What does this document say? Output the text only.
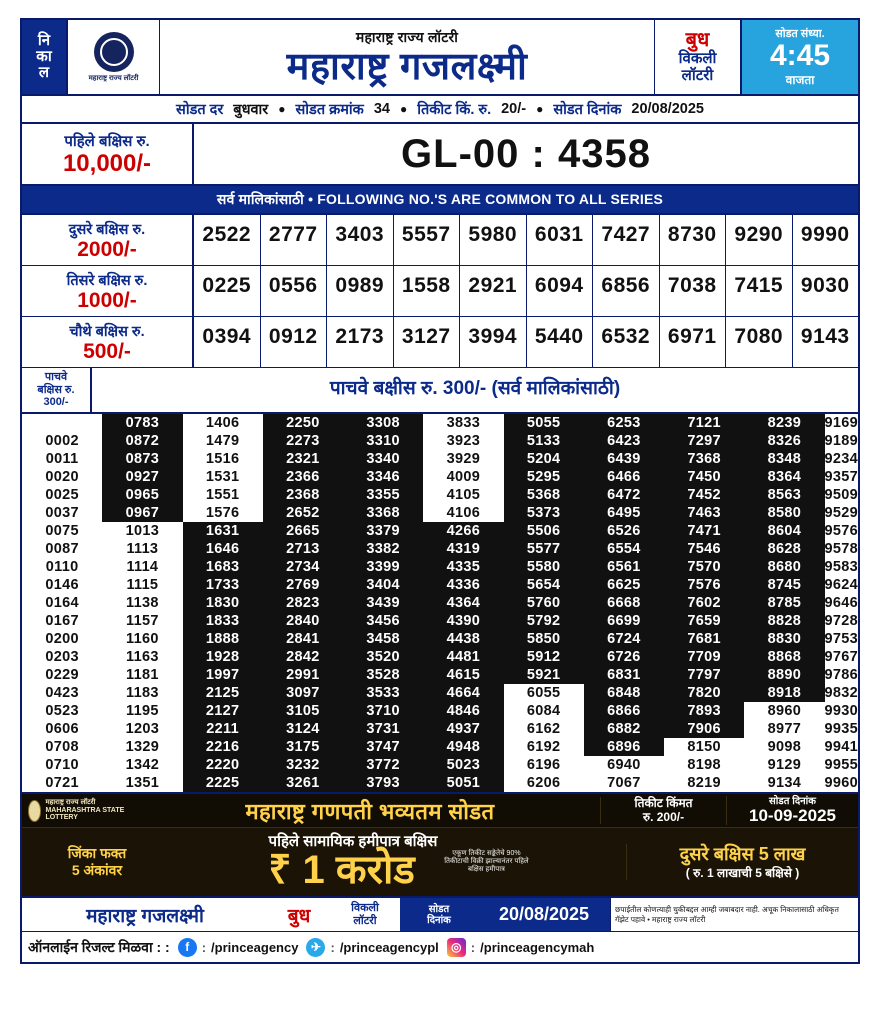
नि
का
ल	महाराष्ट्र राज्य लॉटरी
महाराष्ट्र राज्य लॉटरी
महाराष्ट्र गजलक्ष्मी
बुध
विकली
लॉटरी
सोडत संध्या.
4:45
वाजता
सोडत दर बुधवार ● सोडत क्रमांक 34 ● तिकीट किं. रु. 20/- ● सोडत दिनांक 20/08/2025
पहिले बक्षिस रु.
10,000/-	GL-00 : 4358
सर्व मालिकांसाठी • FOLLOWING NO.'S ARE COMMON TO ALL SERIES
दुसरे बक्षिस रु.
2000/-
2522 2777 3403 5557 5980 6031 7427 8730 9290 9990
तिसरे बक्षिस रु.
1000/-
0225 0556 0989 1558 2921 6094 6856 7038 7415 9030
चौथे बक्षिस रु.
500/-
0394 0912 2173 3127 3994 5440 6532 6971 7080 9143
पाचवे
बक्षिस रु.
300/-
पाचवे बक्षीस रु. 300/- (सर्व मालिकांसाठी)
	0783	1406	2250	3308	3833	5055	6253	7121	8239	9169
0002	0872	1479	2273	3310	3923	5133	6423	7297	8326	9189
0011	0873	1516	2321	3340	3929	5204	6439	7368	8348	9234
0020	0927	1531	2366	3346	4009	5295	6466	7450	8364	9357
0025	0965	1551	2368	3355	4105	5368	6472	7452	8563	9509
0037	0967	1576	2652	3368	4106	5373	6495	7463	8580	9529
0075	1013	1631	2665	3379	4266	5506	6526	7471	8604	9576
0087	1113	1646	2713	3382	4319	5577	6554	7546	8628	9578
0110	1114	1683	2734	3399	4335	5580	6561	7570	8680	9583
0146	1115	1733	2769	3404	4336	5654	6625	7576	8745	9624
0164	1138	1830	2823	3439	4364	5760	6668	7602	8785	9646
0167	1157	1833	2840	3456	4390	5792	6699	7659	8828	9728
0200	1160	1888	2841	3458	4438	5850	6724	7681	8830	9753
0203	1163	1928	2842	3520	4481	5912	6726	7709	8868	9767
0229	1181	1997	2991	3528	4615	5921	6831	7797	8890	9786
0423	1183	2125	3097	3533	4664	6055	6848	7820	8918	9832
0523	1195	2127	3105	3710	4846	6084	6866	7893	8960	9930
0606	1203	2211	3124	3731	4937	6162	6882	7906	8977	9935
0708	1329	2216	3175	3747	4948	6192	6896	8150	9098	9941
0710	1342	2220	3232	3772	5023	6196	6940	8198	9129	9955
0721	1351	2225	3261	3793	5051	6206	7067	8219	9134	9960
महाराष्ट्र राज्य लॉटरी MAHARASHTRA STATE LOTTERY	महाराष्ट्र गणपती भव्यतम सोडत	तिकीट किंमत
रु. 200/-
सोडत दिनांक
10-09-2025
जिंका फक्त
5 अंकांवर
पहिले सामायिक हमीपात्र बक्षिस
₹ 1 करोड	एकूण तिकीट सङ्केतेचे 90% तिकीटाची विक्री झाल्यानंतर पहिले बक्षिस हमीपात्र
दुसरे बक्षिस 5 लाख
( रु. 1 लाखाची 5 बक्षिसे )
महाराष्ट्र गजलक्ष्मी	बुध	विकली
लॉटरी
सोडत
दिनांक	20/08/2025	छपाईतील कोणत्याही चुकीबद्दल आम्ही जबाबदार नाही. अचूक निकालासाठी अधिकृत गॅझेट पहावे • महाराष्ट्र राज्य लॉटरी
ऑनलाईन रिजल्ट मिळवा : :	f : /princeagency	✈ : /princeagencypl	◎ : /princeagencymah
